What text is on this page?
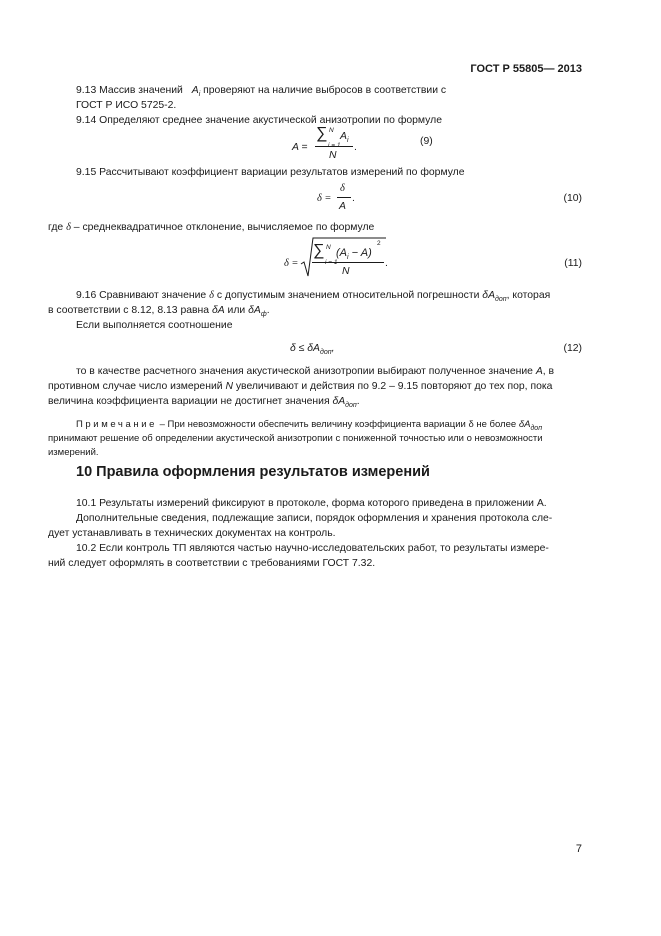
ГОСТ Р 55805— 2013
9.13 Массив значений $A_i$ проверяют на наличие выбросов в соответствии с
ГОСТ Р ИСО 5725-2.
9.14 Определяют среднее значение акустической анизотропии по формуле
A =
∑ N
$A_i$
N
.
(9)
9.15 Рассчитывают коэффициент вариации результатов измерений по формуле
δ =
δ
A
.	(10)
где δ – среднеквадратичное отклонение, вычисляемое по формуле
δ =
∑ N $(A_i - A)$
2
N
.	(11)
9.16 Сравнивают значение δ с допустимым значением относительной погрешности $\delta A_{доп}$, которая
в соответствии с 8.12, 8.13 равна δA или $\delta A_ф$.
Если выполняется соотношение
$\delta \le \delta A_{доп}$,	(12)
то в качестве расчетного значения акустической анизотропии выбирают полученное значение A, в
противном случае число измерений N увеличивают и действия по 9.2 – 9.15 повторяют до тех пор, пока
величина коэффициента вариации не достигнет значения $\delta A_{доп}$.
Примечание – При невозможности обеспечить величину коэффициента вариации δ не более $\delta A_{доп}$
принимают решение об определении акустической анизотропии с пониженной точностью или о невозможности
измерений.
10 Правила оформления результатов измерений
10.1 Результаты измерений фиксируют в протоколе, форма которого приведена в приложении А.
Дополнительные сведения, подлежащие записи, порядок оформления и хранения протокола сле-
дует устанавливать в технических документах на контроль.
10.2 Если контроль ТП являются частью научно-исследовательских работ, то результаты измере-
ний следует оформлять в соответствии с требованиями ГОСТ 7.32.
7
